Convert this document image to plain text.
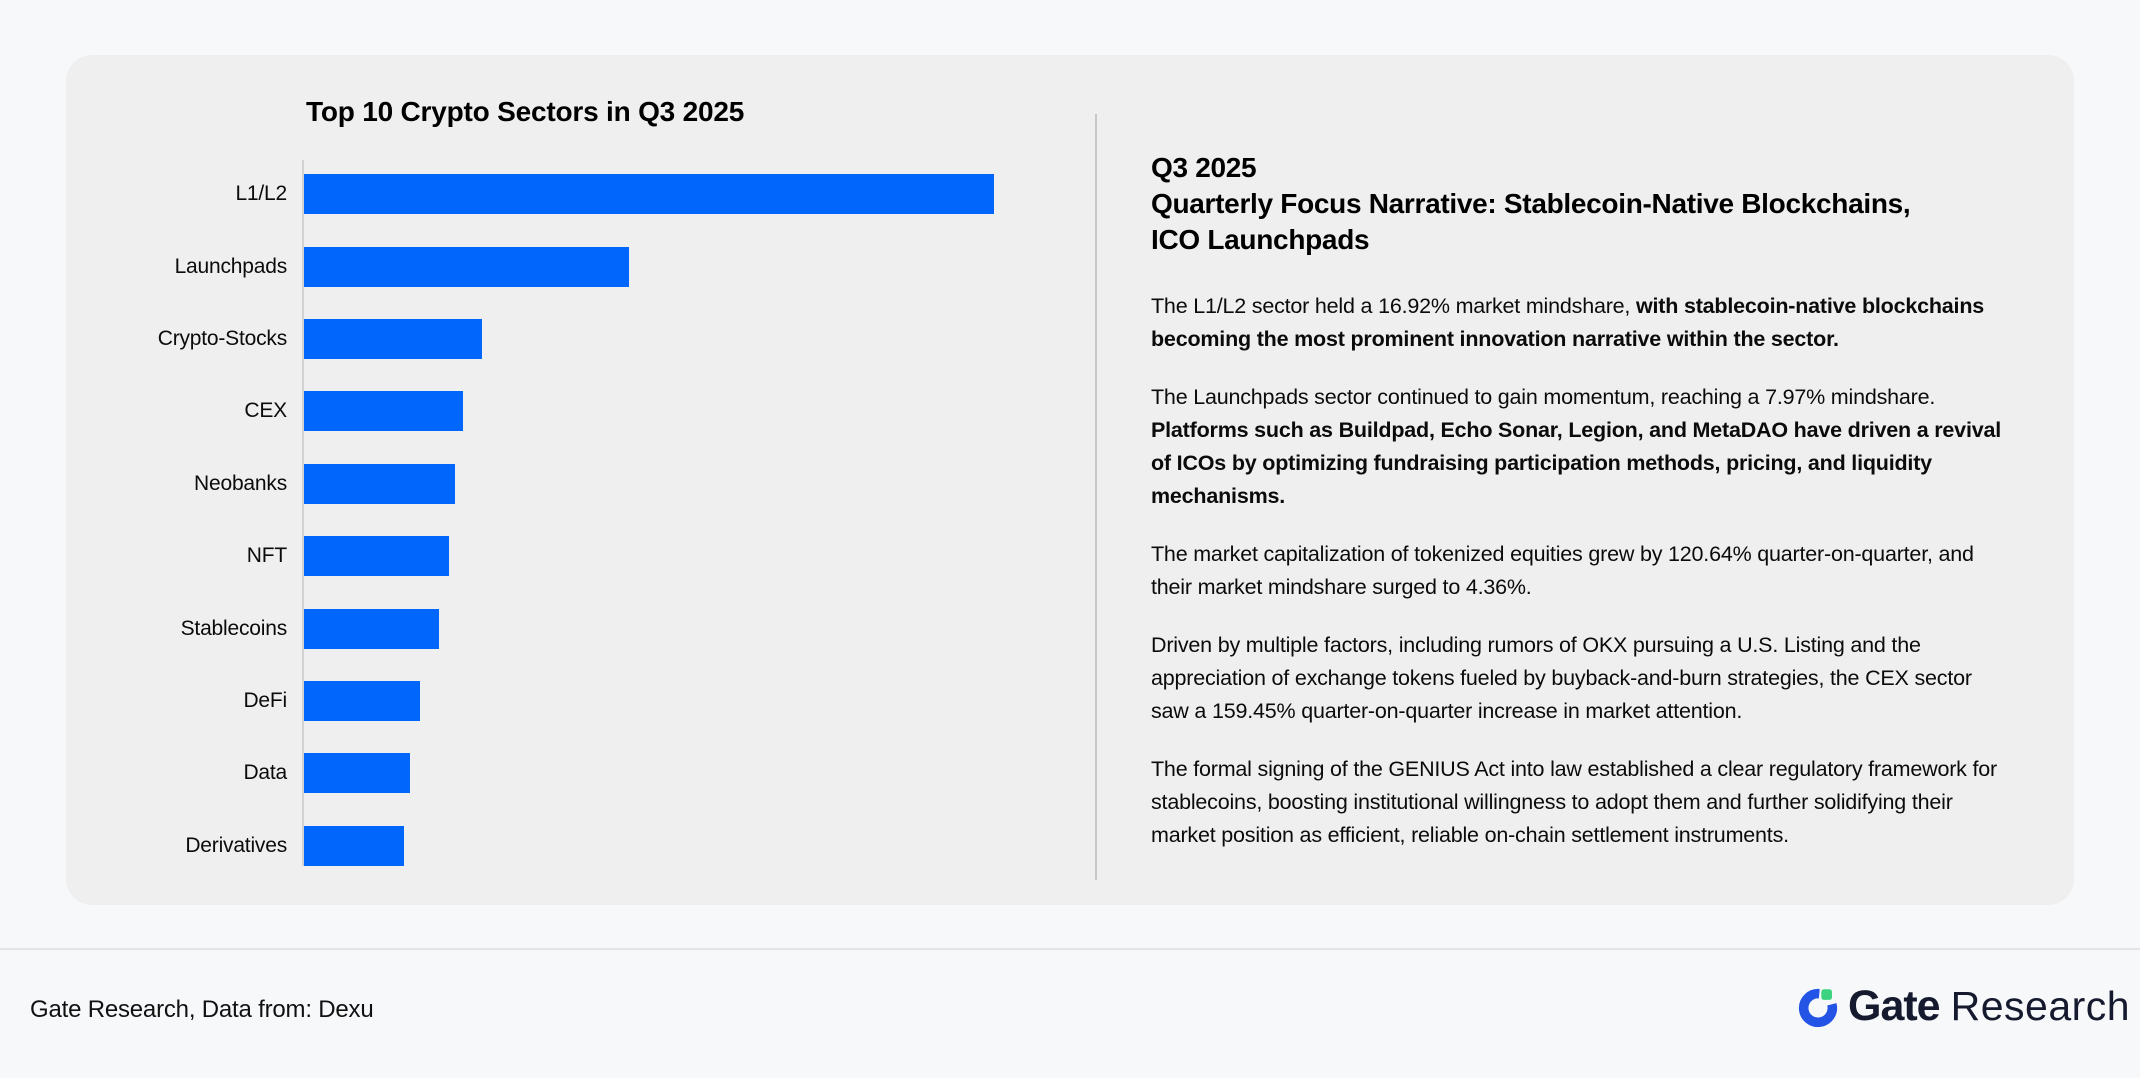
Top 10 Crypto Sectors in Q3 2025
L1/L2
Launchpads
Crypto-Stocks
CEX
Neobanks
NFT
Stablecoins
DeFi
Data
Derivatives
Q3 2025
Quarterly Focus Narrative: Stablecoin-Native Blockchains,
ICO Launchpads

The L1/L2 sector held a 16.92% market mindshare, with stablecoin-native blockchains becoming the most prominent innovation narrative within the sector.

The Launchpads sector continued to gain momentum, reaching a 7.97% mindshare. Platforms such as Buildpad, Echo Sonar, Legion, and MetaDAO have driven a revival of ICOs by optimizing fundraising participation methods, pricing, and liquidity mechanisms.

The market capitalization of tokenized equities grew by 120.64% quarter-on-quarter, and their market mindshare surged to 4.36%.

Driven by multiple factors, including rumors of OKX pursuing a U.S. Listing and the appreciation of exchange tokens fueled by buyback-and-burn strategies, the CEX sector saw a 159.45% quarter-on-quarter increase in market attention.

The formal signing of the GENIUS Act into law established a clear regulatory framework for stablecoins, boosting institutional willingness to adopt them and further solidifying their market position as efficient, reliable on-chain settlement instruments.

Gate Research, Data from: Dexu	Gate Research
